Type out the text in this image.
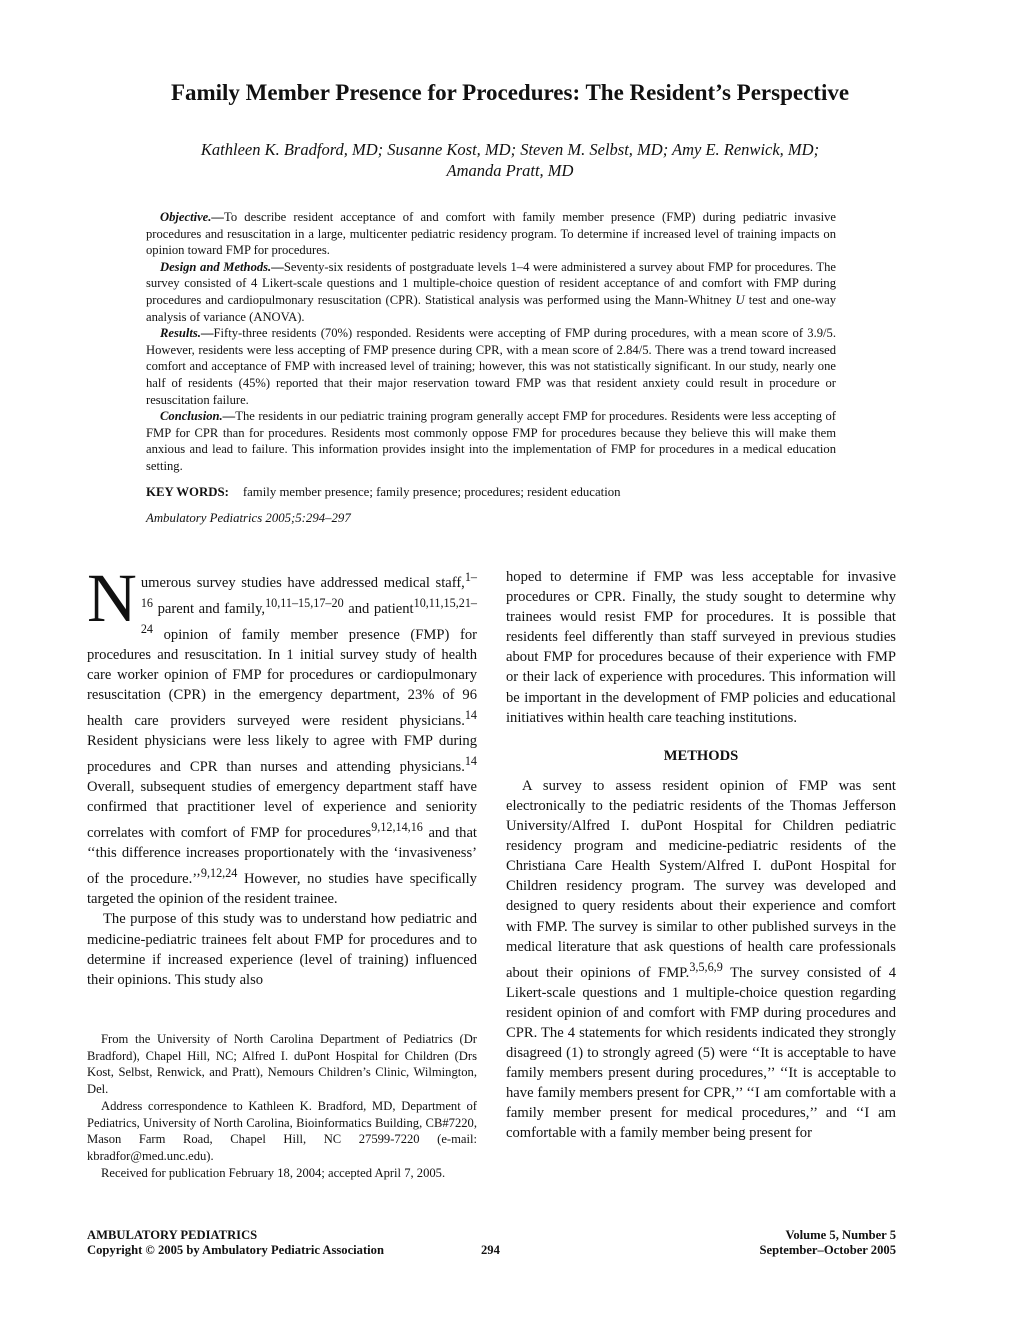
Family Member Presence for Procedures: The Resident’s Perspective
Kathleen K. Bradford, MD; Susanne Kost, MD; Steven M. Selbst, MD; Amy E. Renwick, MD;
Amanda Pratt, MD

Objective.—To describe resident acceptance of and comfort with family member presence (FMP) during pediatric invasive procedures and resuscitation in a large, multicenter pediatric residency program. To determine if increased level of training impacts on opinion toward FMP for procedures.

Design and Methods.—Seventy-six residents of postgraduate levels 1–4 were administered a survey about FMP for procedures. The survey consisted of 4 Likert-scale questions and 1 multiple-choice question of resident acceptance of and comfort with FMP during procedures and cardiopulmonary resuscitation (CPR). Statistical analysis was performed using the Mann-Whitney U test and one-way analysis of variance (ANOVA).

Results.—Fifty-three residents (70%) responded. Residents were accepting of FMP during procedures, with a mean score of 3.9/5. However, residents were less accepting of FMP presence during CPR, with a mean score of 2.84/5. There was a trend toward increased comfort and acceptance of FMP with increased level of training; however, this was not statistically significant. In our study, nearly one half of residents (45%) reported that their major reservation toward FMP was that resident anxiety could result in procedure or resuscitation failure.

Conclusion.—The residents in our pediatric training program generally accept FMP for procedures. Residents were less accepting of FMP for CPR than for procedures. Residents most commonly oppose FMP for procedures because they believe this will make them anxious and lead to failure. This information provides insight into the implementation of FMP for procedures in a medical education setting.

KEY WORDS: family member presence; family presence; procedures; resident education
Ambulatory Pediatrics 2005;5:294–297

Numerous survey studies have addressed medical staff,$^{1-16}$ parent and family,$^{10,11-15,17-20}$ and patient$^{10,11,15,21-24}$ opinion of family member presence (FMP) for procedures and resuscitation. In 1 initial survey study of health care worker opinion of FMP for procedures or cardiopulmonary resuscitation (CPR) in the emergency department, 23% of 96 health care providers surveyed were resident physicians.$^{14}$ Resident physicians were less likely to agree with FMP during procedures and CPR than nurses and attending physicians.$^{14}$ Overall, subsequent studies of emergency department staff have confirmed that practitioner level of experience and seniority correlates with comfort of FMP for procedures$^{9,12,14,16}$ and that ‘‘this difference increases proportionately with the ‘invasiveness’ of the procedure.’’$^{9,12,24}$ However, no studies have specifically targeted the opinion of the resident trainee.

The purpose of this study was to understand how pediatric and medicine-pediatric trainees felt about FMP for procedures and to determine if increased experience (level of training) influenced their opinions. This study also

From the University of North Carolina Department of Pediatrics (Dr Bradford), Chapel Hill, NC; Alfred I. duPont Hospital for Children (Drs Kost, Selbst, Renwick, and Pratt), Nemours Children’s Clinic, Wilmington, Del.

Address correspondence to Kathleen K. Bradford, MD, Department of Pediatrics, University of North Carolina, Bioinformatics Building, CB#7220, Mason Farm Road, Chapel Hill, NC 27599-7220 (e-mail: kbradfor@med.unc.edu).

Received for publication February 18, 2004; accepted April 7, 2005.

hoped to determine if FMP was less acceptable for invasive procedures or CPR. Finally, the study sought to determine why trainees would resist FMP for procedures. It is possible that residents feel differently than staff surveyed in previous studies about FMP for procedures because of their experience with FMP or their lack of experience with procedures. This information will be important in the development of FMP policies and educational initiatives within health care teaching institutions.

METHODS

A survey to assess resident opinion of FMP was sent electronically to the pediatric residents of the Thomas Jefferson University/Alfred I. duPont Hospital for Children pediatric residency program and medicine-pediatric residents of the Christiana Care Health System/Alfred I. duPont Hospital for Children residency program. The survey was developed and designed to query residents about their experience and comfort with FMP. The survey is similar to other published surveys in the medical literature that ask questions of health care professionals about their opinions of FMP.$^{3,5,6,9}$ The survey consisted of 4 Likert-scale questions and 1 multiple-choice question regarding resident opinion of and comfort with FMP during procedures and CPR. The 4 statements for which residents indicated they strongly disagreed (1) to strongly agreed (5) were ‘‘It is acceptable to have family members present during procedures,’’ ‘‘It is acceptable to have family members present for CPR,’’ ‘‘I am comfortable with a family member present for medical procedures,’’ and ‘‘I am comfortable with a family member being present for

AMBULATORY PEDIATRICS
Copyright © 2005 by Ambulatory Pediatric Association	294
Volume 5, Number 5
September–October 2005
